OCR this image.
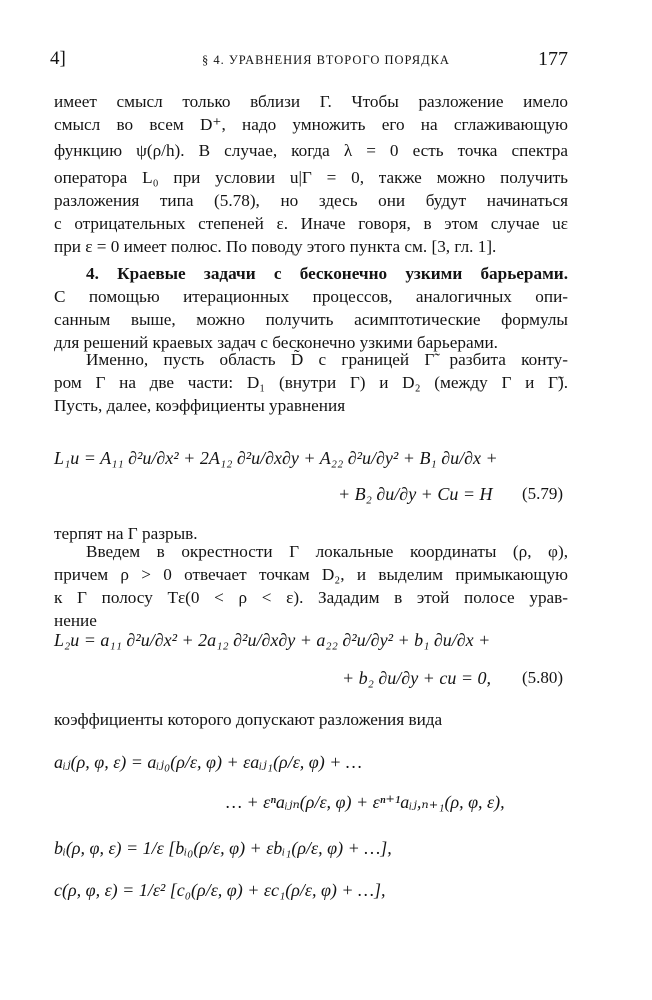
4]	§ 4. УРАВНЕНИЯ ВТОРОГО ПОРЯДКА	177
имеет смысл только вблизи Γ. Чтобы разложение имело
смысл во всем D⁺, надо умножить его на сглаживающую
функцию ψ(ρ/h). В случае, когда λ = 0 есть точка спектра
оператора L₀ при условии u|Γ = 0, также можно получить
разложения типа (5.78), но здесь они будут начинаться
с отрицательных степеней ε. Иначе говоря, в этом случае uε
при ε = 0 имеет полюс. По поводу этого пункта см. [3, гл. 1].
4. Краевые задачи с бесконечно узкими барьерами.
С помощью итерационных процессов, аналогичных опи-
санным выше, можно получить асимптотические формулы
для решений краевых задач с бесконечно узкими барьерами.
Именно, пусть область D̃ с границей Γ̃ разбита конту-
ром Γ на две части: D₁ (внутри Γ) и D₂ (между Γ и Γ̃).
Пусть, далее, коэффициенты уравнения
L₁u = A₁₁ ∂²u/∂x² + 2A₁₂ ∂²u/∂x∂y + A₂₂ ∂²u/∂y² + B₁ ∂u/∂x +
+ B₂ ∂u/∂y + Cu = H (5.79)
терпят на Γ разрыв.
Введем в окрестности Γ локальные координаты (ρ, φ),
причем ρ > 0 отвечает точкам D₂, и выделим примыкающую
к Γ полосу Tε(0 < ρ < ε). Зададим в этой полосе урав-
нение
L₂u = a₁₁ ∂²u/∂x² + 2a₁₂ ∂²u/∂x∂y + a₂₂ ∂²u/∂y² + b₁ ∂u/∂x +
+ b₂ ∂u/∂y + cu = 0, (5.80)
коэффициенты которого допускают разложения вида
aᵢⱼ(ρ, φ, ε) = aᵢⱼ₀(ρ/ε, φ) + εaᵢⱼ₁(ρ/ε, φ) + …
… + εⁿaᵢⱼₙ(ρ/ε, φ) + εⁿ⁺¹aᵢⱼ,ₙ₊₁(ρ, φ, ε),
bᵢ(ρ, φ, ε) = 1/ε [bᵢ₀(ρ/ε, φ) + εbᵢ₁(ρ/ε, φ) + …],
c(ρ, φ, ε) = 1/ε² [c₀(ρ/ε, φ) + εc₁(ρ/ε, φ) + …],
